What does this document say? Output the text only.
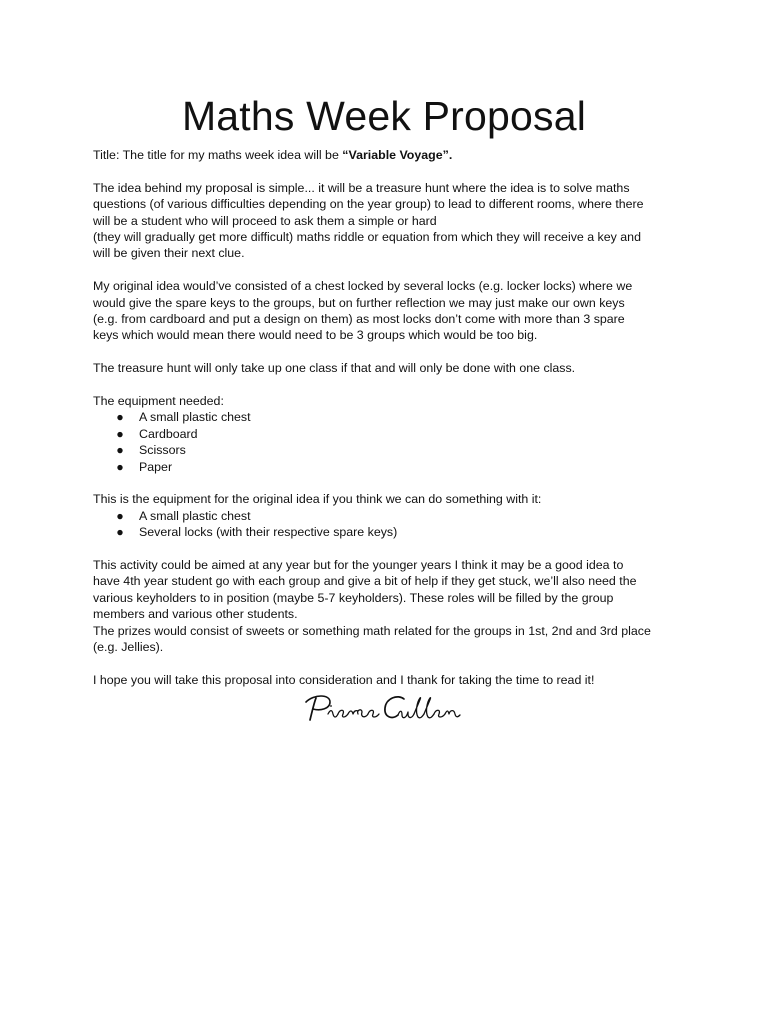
Maths Week Proposal

Title: The title for my maths week idea will be “Variable Voyage”.

The idea behind my proposal is simple... it will be a treasure hunt where the idea is to solve maths
questions (of various difficulties depending on the year group) to lead to different rooms, where there
will be a student who will proceed to ask them a simple or hard
(they will gradually get more difficult) maths riddle or equation from which they will receive a key and
will be given their next clue.

My original idea would’ve consisted of a chest locked by several locks (e.g. locker locks) where we
would give the spare keys to the groups, but on further reflection we may just make our own keys
(e.g. from cardboard and put a design on them) as most locks don’t come with more than 3 spare
keys which would mean there would need to be 3 groups which would be too big.

The treasure hunt will only take up one class if that and will only be done with one class.

The equipment needed:

● A small plastic chest
● Cardboard
● Scissors
● Paper

This is the equipment for the original idea if you think we can do something with it:

● A small plastic chest
● Several locks (with their respective spare keys)

This activity could be aimed at any year but for the younger years I think it may be a good idea to
have 4th year student go with each group and give a bit of help if they get stuck, we’ll also need the
various keyholders to in position (maybe 5-7 keyholders). These roles will be filled by the group
members and various other students.

The prizes would consist of sweets or something math related for the groups in 1st, 2nd and 3rd place
(e.g. Jellies).

I hope you will take this proposal into consideration and I thank for taking the time to read it!
